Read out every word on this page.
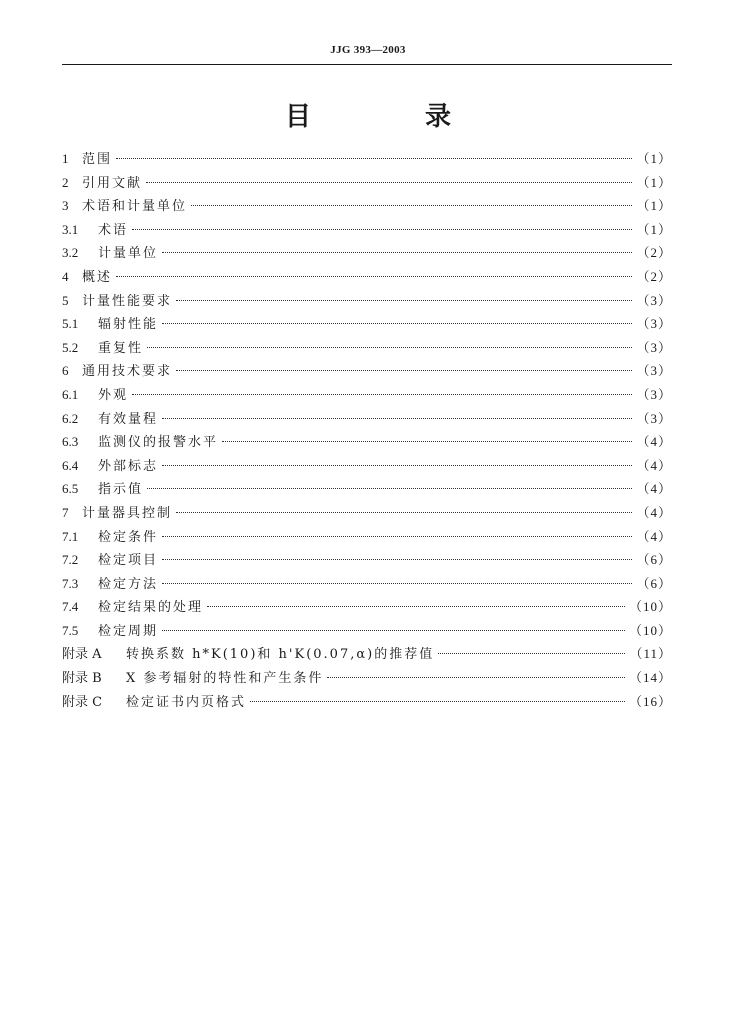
JJG 393—2003
目　录
1	范围	（1）
2	引用文献	（1）
3	术语和计量单位	（1）
3.1	术语	（1）
3.2	计量单位	（2）
4	概述	（2）
5	计量性能要求	（3）
5.1	辐射性能	（3）
5.2	重复性	（3）
6	通用技术要求	（3）
6.1	外观	（3）
6.2	有效量程	（3）
6.3	监测仪的报警水平	（4）
6.4	外部标志	（4）
6.5	指示值	（4）
7	计量器具控制	（4）
7.1	检定条件	（4）
7.2	检定项目	（6）
7.3	检定方法	（6）
7.4	检定结果的处理	（10）
7.5	检定周期	（10）
附录 A	转换系数 h*K(10)和 h'K(0.07,α)的推荐值	（11）
附录 B	X 参考辐射的特性和产生条件	（14）
附录 C	检定证书内页格式	（16）
